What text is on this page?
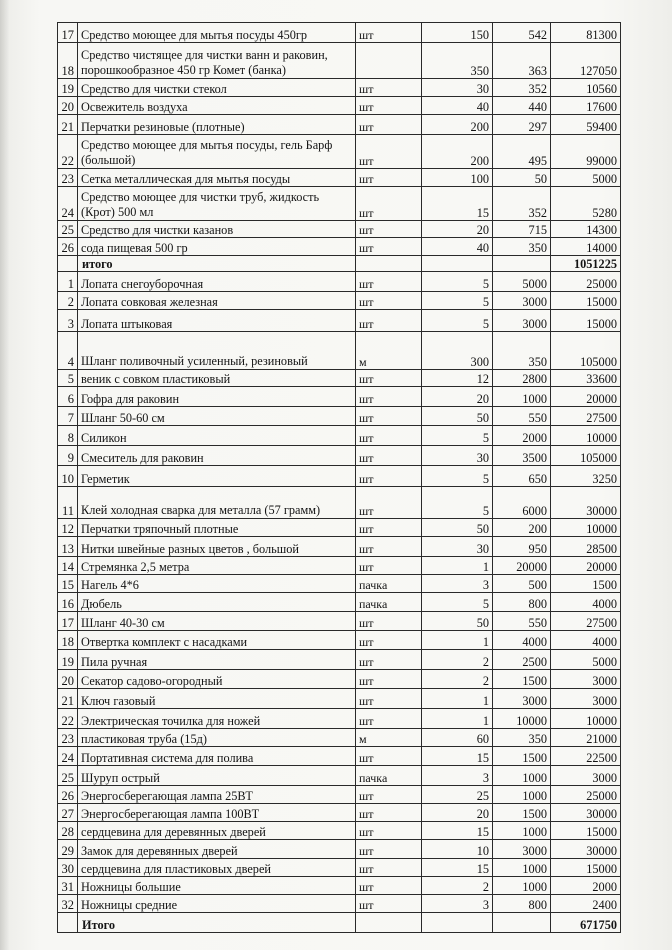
17	Средство моющее для мытья посуды 450гр	шт	150	542	81300
18	Средство чистящее для чистки ванн и раковин, порошкообразное 450 гр Комет (банка)		350	363	127050
19	Средство для чистки стекол	шт	30	352	10560
20	Освежитель воздуха	шт	40	440	17600
21	Перчатки резиновые (плотные)	шт	200	297	59400
22	Средство моющее для мытья посуды, гель Барф (большой)	шт	200	495	99000
23	Сетка металлическая для мытья посуды	шт	100	50	5000
24	Средство моющее для чистки труб, жидкость (Крот) 500 мл	шт	15	352	5280
25	Средство для чистки казанов	шт	20	715	14300
26	сода пищевая 500 гр	шт	40	350	14000
	итого				1051225
1	Лопата снегоуборочная	шт	5	5000	25000
2	Лопата совковая железная	шт	5	3000	15000
3	Лопата штыковая	шт	5	3000	15000
4	Шланг поливочный усиленный, резиновый	м	300	350	105000
5	веник с совком пластиковый	шт	12	2800	33600
6	Гофра для раковин	шт	20	1000	20000
7	Шланг 50-60 см	шт	50	550	27500
8	Силикон	шт	5	2000	10000
9	Смеситель для раковин	шт	30	3500	105000
10	Герметик	шт	5	650	3250
11	Клей холодная сварка для металла (57 грамм)	шт	5	6000	30000
12	Перчатки тряпочный плотные	шт	50	200	10000
13	Нитки швейные разных цветов , большой	шт	30	950	28500
14	Стремянка 2,5 метра	шт	1	20000	20000
15	Нагель 4*6	пачка	3	500	1500
16	Дюбель	пачка	5	800	4000
17	Шланг 40-30 см	шт	50	550	27500
18	Отвертка комплект с насадками	шт	1	4000	4000
19	Пила ручная	шт	2	2500	5000
20	Секатор садово-огородный	шт	2	1500	3000
21	Ключ газовый	шт	1	3000	3000
22	Электрическая точилка для ножей	шт	1	10000	10000
23	пластиковая труба (15д)	м	60	350	21000
24	Портативная система для полива	шт	15	1500	22500
25	Шуруп острый	пачка	3	1000	3000
26	Энергосберегающая лампа 25ВТ	шт	25	1000	25000
27	Энергосберегающая лампа 100ВТ	шт	20	1500	30000
28	сердцевина для деревянных дверей	шт	15	1000	15000
29	Замок для деревянных дверей	шт	10	3000	30000
30	сердцевина для пластиковых дверей	шт	15	1000	15000
31	Ножницы большие	шт	2	1000	2000
32	Ножницы средние	шт	3	800	2400
	Итого				671750
